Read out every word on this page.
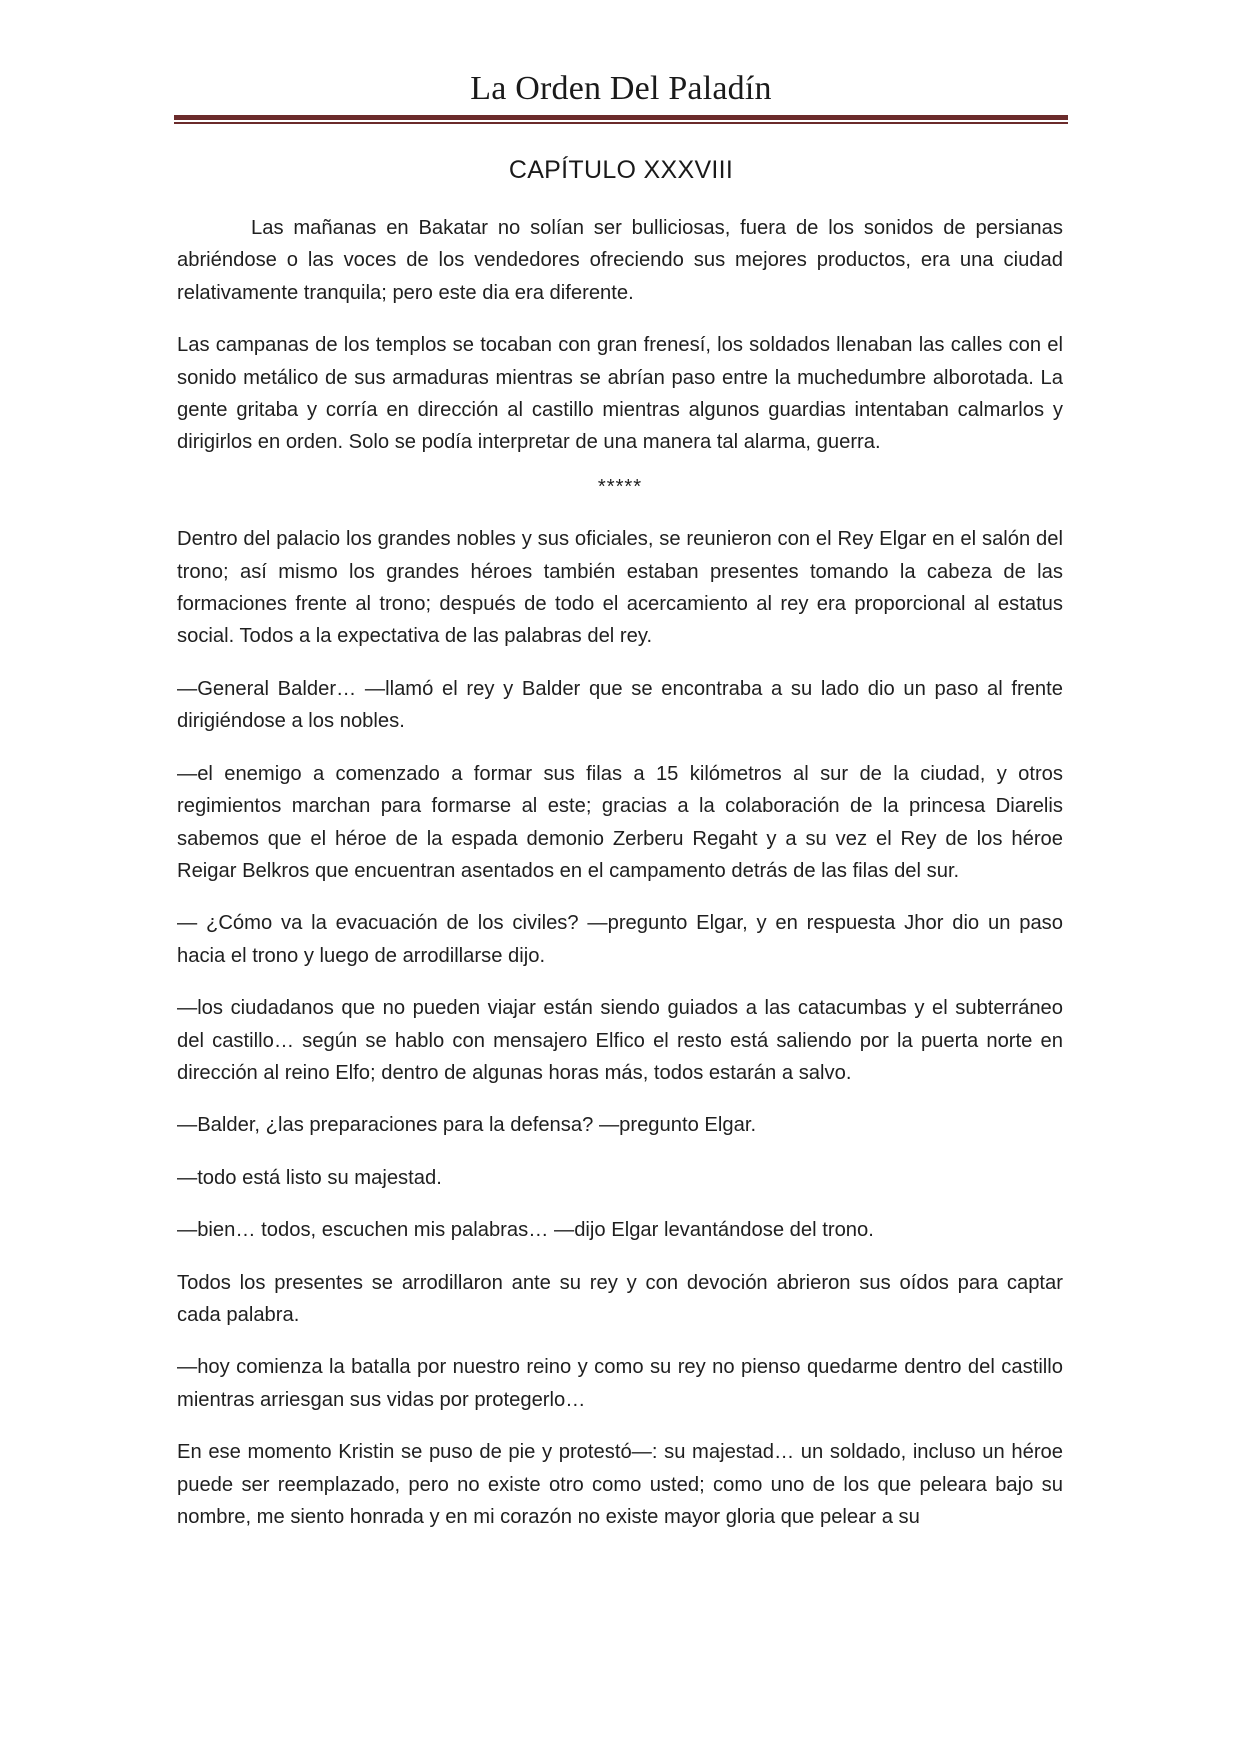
La Orden Del Paladín
CAPÍTULO XXXVIII

Las mañanas en Bakatar no solían ser bulliciosas, fuera de los sonidos de persianas abriéndose o las voces de los vendedores ofreciendo sus mejores productos, era una ciudad relativamente tranquila; pero este dia era diferente.

Las campanas de los templos se tocaban con gran frenesí, los soldados llenaban las calles con el sonido metálico de sus armaduras mientras se abrían paso entre la muchedumbre alborotada. La gente gritaba y corría en dirección al castillo mientras algunos guardias intentaban calmarlos y dirigirlos en orden. Solo se podía interpretar de una manera tal alarma, guerra.

*****

Dentro del palacio los grandes nobles y sus oficiales, se reunieron con el Rey Elgar en el salón del trono; así mismo los grandes héroes también estaban presentes tomando la cabeza de las formaciones frente al trono; después de todo el acercamiento al rey era proporcional al estatus social. Todos a la expectativa de las palabras del rey.

—General Balder… —llamó el rey y Balder que se encontraba a su lado dio un paso al frente dirigiéndose a los nobles.

—el enemigo a comenzado a formar sus filas a 15 kilómetros al sur de la ciudad, y otros regimientos marchan para formarse al este; gracias a la colaboración de la princesa Diarelis sabemos que el héroe de la espada demonio Zerberu Regaht y a su vez el Rey de los héroe Reigar Belkros que encuentran asentados en el campamento detrás de las filas del sur.

— ¿Cómo va la evacuación de los civiles? —pregunto Elgar, y en respuesta Jhor dio un paso hacia el trono y luego de arrodillarse dijo.

—los ciudadanos que no pueden viajar están siendo guiados a las catacumbas y el subterráneo del castillo… según se hablo con mensajero Elfico el resto está saliendo por la puerta norte en dirección al reino Elfo; dentro de algunas horas más, todos estarán a salvo.

—Balder, ¿las preparaciones para la defensa? —pregunto Elgar.

—todo está listo su majestad.

—bien… todos, escuchen mis palabras… —dijo Elgar levantándose del trono.

Todos los presentes se arrodillaron ante su rey y con devoción abrieron sus oídos para captar cada palabra.

—hoy comienza la batalla por nuestro reino y como su rey no pienso quedarme dentro del castillo mientras arriesgan sus vidas por protegerlo…

En ese momento Kristin se puso de pie y protestó—: su majestad… un soldado, incluso un héroe puede ser reemplazado, pero no existe otro como usted; como uno de los que peleara bajo su nombre, me siento honrada y en mi corazón no existe mayor gloria que pelear a su
